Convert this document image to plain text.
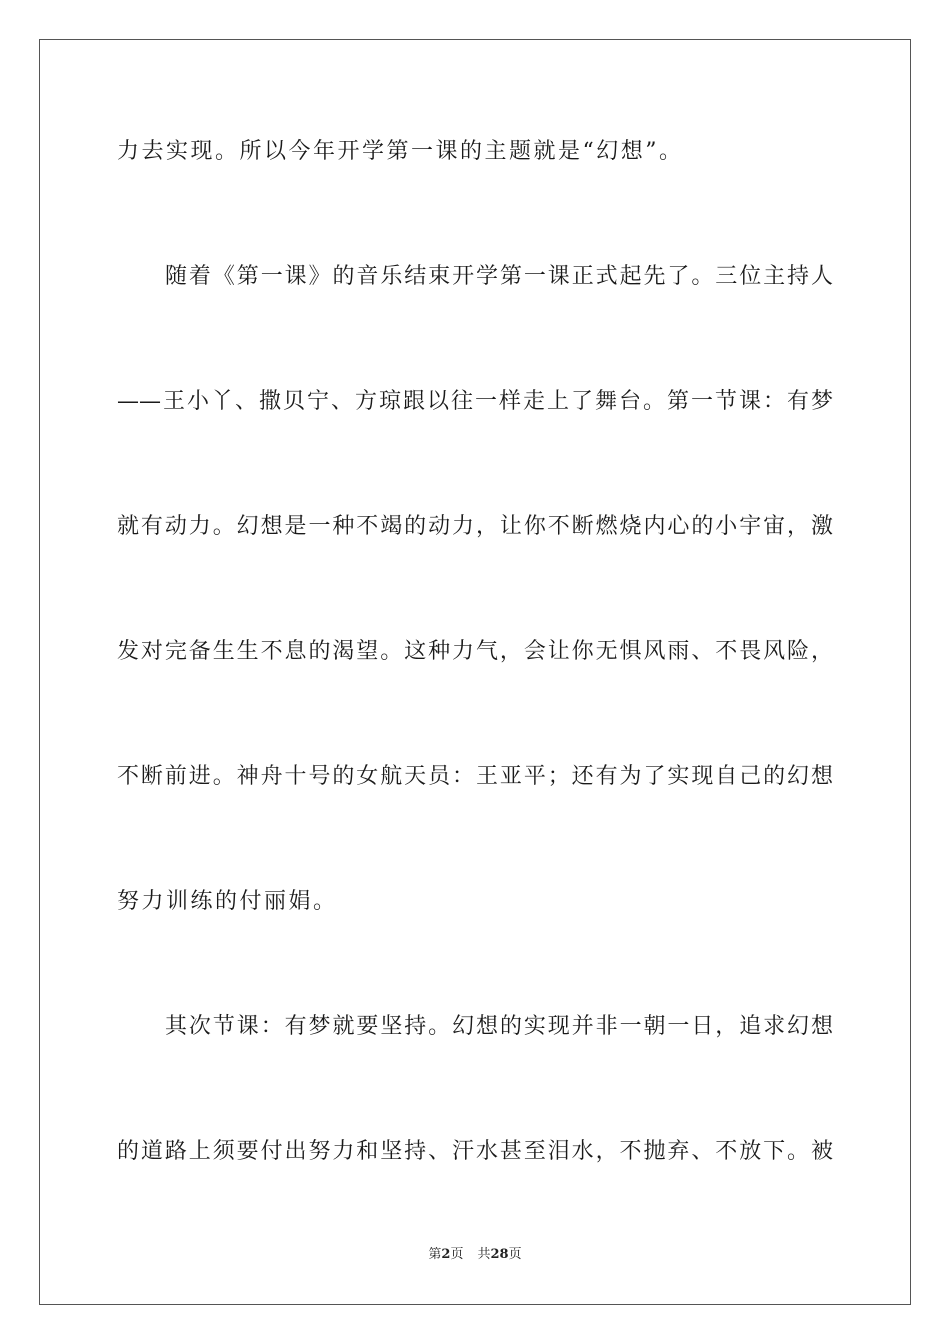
力去实现。所以今年开学第一课的主题就是“幻想”。
随着《第一课》的音乐结束开学第一课正式起先了。三位主持人
——王小丫、撒贝宁、方琼跟以往一样走上了舞台。第一节课：有梦
就有动力。幻想是一种不竭的动力，让你不断燃烧内心的小宇宙，激
发对完备生生不息的渴望。这种力气，会让你无惧风雨、不畏风险，
不断前进。神舟十号的女航天员：王亚平；还有为了实现自己的幻想
努力训练的付丽娟。
其次节课：有梦就要坚持。幻想的实现并非一朝一日，追求幻想
的道路上须要付出努力和坚持、汗水甚至泪水，不抛弃、不放下。被
第2页 共28页
